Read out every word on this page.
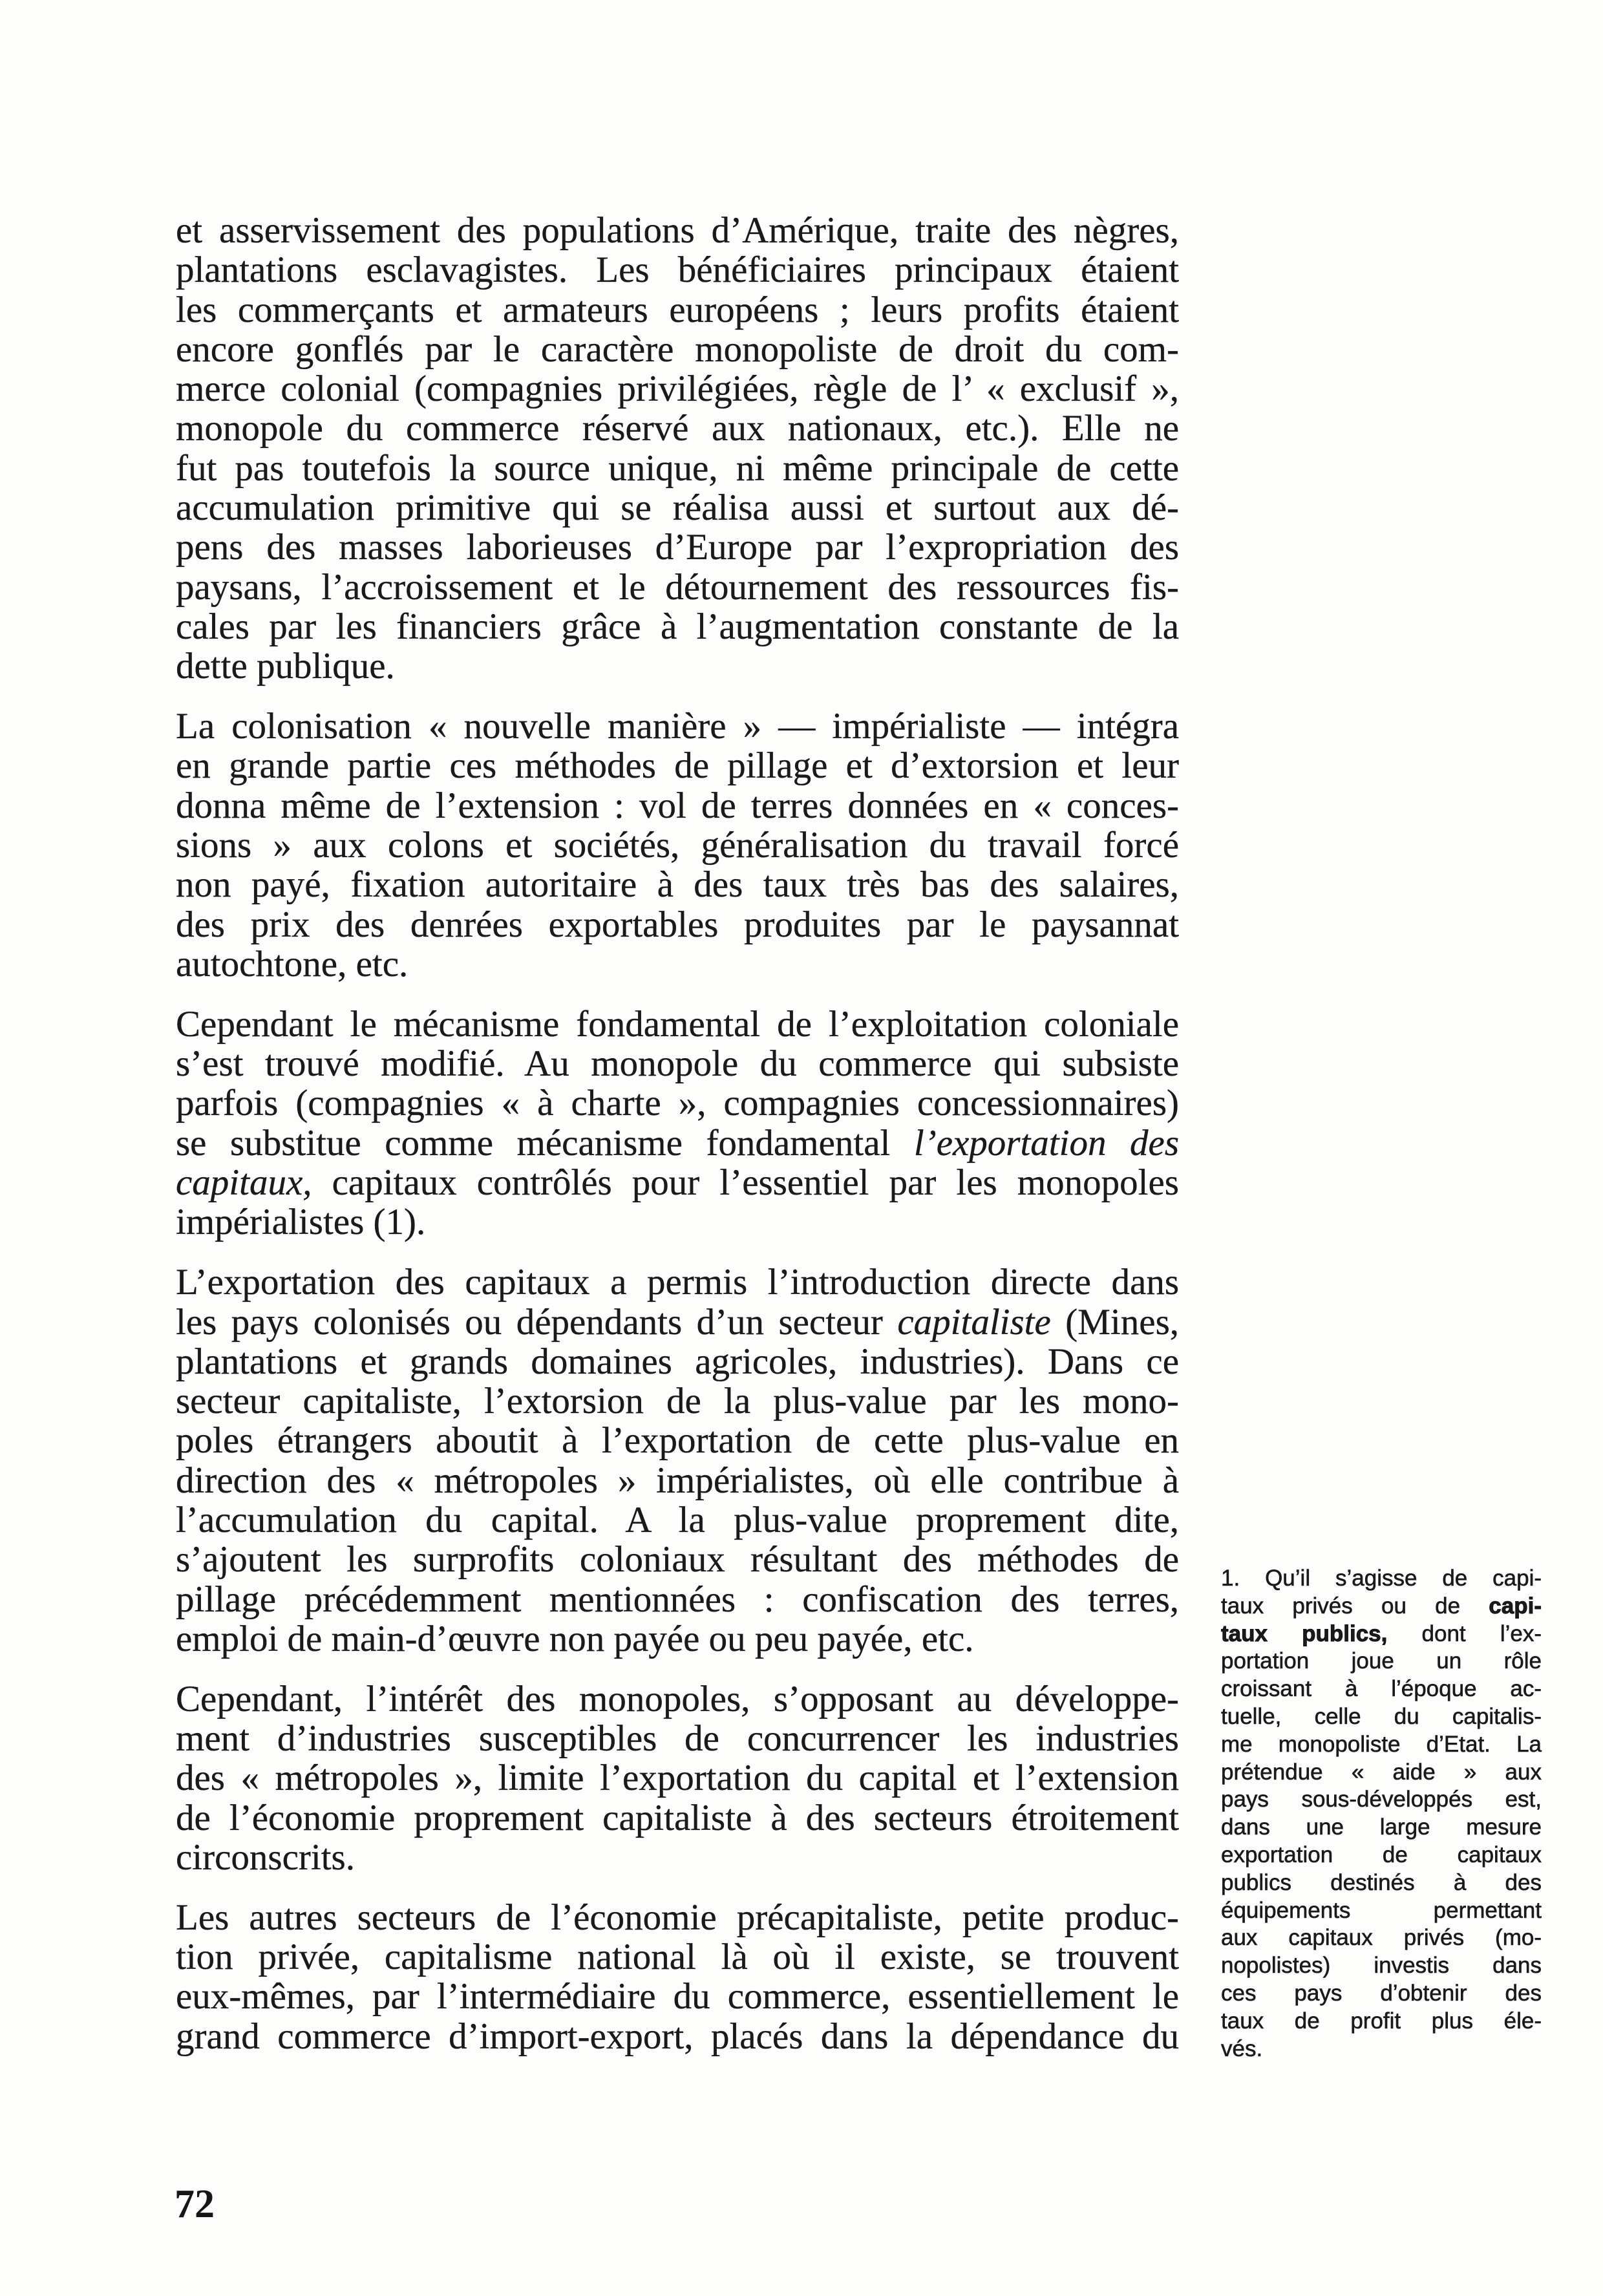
et asservissement des populations d’Amérique, traite des nègres,
plantations esclavagistes. Les bénéficiaires principaux étaient
les commerçants et armateurs européens ; leurs profits étaient
encore gonflés par le caractère monopoliste de droit du com-
merce colonial (compagnies privilégiées, règle de l’ « exclusif »,
monopole du commerce réservé aux nationaux, etc.). Elle ne
fut pas toutefois la source unique, ni même principale de cette
accumulation primitive qui se réalisa aussi et surtout aux dé-
pens des masses laborieuses d’Europe par l’expropriation des
paysans, l’accroissement et le détournement des ressources fis-
cales par les financiers grâce à l’augmentation constante de la
dette publique.
La colonisation « nouvelle manière » — impérialiste — intégra
en grande partie ces méthodes de pillage et d’extorsion et leur
donna même de l’extension : vol de terres données en « conces-
sions » aux colons et sociétés, généralisation du travail forcé
non payé, fixation autoritaire à des taux très bas des salaires,
des prix des denrées exportables produites par le paysannat
autochtone, etc.
Cependant le mécanisme fondamental de l’exploitation coloniale
s’est trouvé modifié. Au monopole du commerce qui subsiste
parfois (compagnies « à charte », compagnies concessionnaires)
se substitue comme mécanisme fondamental l’exportation des
capitaux, capitaux contrôlés pour l’essentiel par les monopoles
impérialistes (1).
L’exportation des capitaux a permis l’introduction directe dans
les pays colonisés ou dépendants d’un secteur capitaliste (Mines,
plantations et grands domaines agricoles, industries). Dans ce
secteur capitaliste, l’extorsion de la plus-value par les mono-
poles étrangers aboutit à l’exportation de cette plus-value en
direction des « métropoles » impérialistes, où elle contribue à
l’accumulation du capital. A la plus-value proprement dite,
s’ajoutent les surprofits coloniaux résultant des méthodes de
pillage précédemment mentionnées : confiscation des terres,
emploi de main-d’œuvre non payée ou peu payée, etc.
Cependant, l’intérêt des monopoles, s’opposant au développe-
ment d’industries susceptibles de concurrencer les industries
des « métropoles », limite l’exportation du capital et l’extension
de l’économie proprement capitaliste à des secteurs étroitement
circonscrits.
Les autres secteurs de l’économie précapitaliste, petite produc-
tion privée, capitalisme national là où il existe, se trouvent
eux-mêmes, par l’intermédiaire du commerce, essentiellement le
grand commerce d’import-export, placés dans la dépendance du
1. Qu’il s’agisse de capi-
taux privés ou de capi-
taux publics, dont l’ex-
portation joue un rôle
croissant à l’époque ac-
tuelle, celle du capitalis-
me monopoliste d’Etat. La
prétendue « aide » aux
pays sous-développés est,
dans une large mesure
exportation de capitaux
publics destinés à des
équipements permettant
aux capitaux privés (mo-
nopolistes) investis dans
ces pays d’obtenir des
taux de profit plus éle-
vés.
72
